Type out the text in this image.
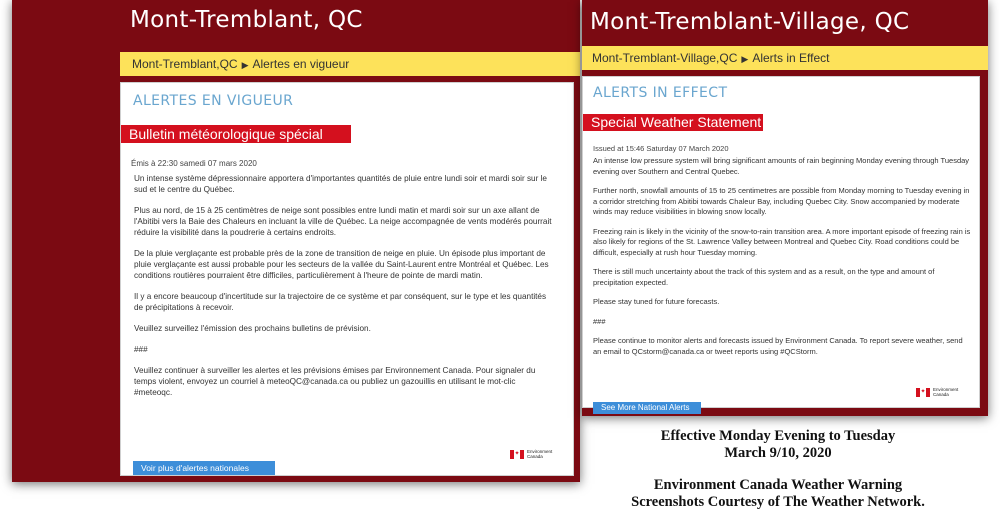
Mont-Tremblant, QC
Mont-Tremblant,QC ▶ Alertes en vigueur
ALERTES EN VIGUEUR
Bulletin météorologique spécial
Émis à 22:30 samedi 07 mars 2020

Un intense système dépressionnaire apportera d'importantes quantités de pluie entre lundi soir et mardi soir sur le sud et le centre du Québec.

Plus au nord, de 15 à 25 centimètres de neige sont possibles entre lundi matin et mardi soir sur un axe allant de l'Abitibi vers la Baie des Chaleurs en incluant la ville de Québec. La neige accompagnée de vents modérés pourrait réduire la visibilité dans la poudrerie à certains endroits.

De la pluie verglaçante est probable près de la zone de transition de neige en pluie. Un épisode plus important de pluie verglaçante est aussi probable pour les secteurs de la vallée du Saint-Laurent entre Montréal et Québec. Les conditions routières pourraient être difficiles, particulièrement à l'heure de pointe de mardi matin.

Il y a encore beaucoup d'incertitude sur la trajectoire de ce système et par conséquent, sur le type et les quantités de précipitations à recevoir.

Veuillez surveillez l'émission des prochains bulletins de prévision.

###

Veuillez continuer à surveiller les alertes et les prévisions émises par Environnement Canada. Pour signaler du temps violent, envoyez un courriel à meteoQC@canada.ca ou publiez un gazouillis en utilisant le mot-clic #meteoqc.

✦ Environment
Canada
Voir plus d'alertes nationales
Mont-Tremblant-Village, QC
Mont-Tremblant-Village,QC ▶ Alerts in Effect
ALERTS IN EFFECT
Special Weather Statement
Issued at 15:46 Saturday 07 March 2020

An intense low pressure system will bring significant amounts of rain beginning Monday evening through Tuesday evening over Southern and Central Quebec.

Further north, snowfall amounts of 15 to 25 centimetres are possible from Monday morning to Tuesday evening in a corridor stretching from Abitibi towards Chaleur Bay, including Quebec City. Snow accompanied by moderate winds may reduce visibilities in blowing snow locally.

Freezing rain is likely in the vicinity of the snow-to-rain transition area. A more important episode of freezing rain is also likely for regions of the St. Lawrence Valley between Montreal and Quebec City. Road conditions could be difficult, especially at rush hour Tuesday morning.

There is still much uncertainty about the track of this system and as a result, on the type and amount of precipitation expected.

Please stay tuned for future forecasts.

###

Please continue to monitor alerts and forecasts issued by Environment Canada. To report severe weather, send an email to QCstorm@canada.ca or tweet reports using #QCStorm.

✦ Environment
Canada
See More National Alerts
Effective Monday Evening to Tuesday
March 9/10, 2020
Environment Canada Weather Warning
Screenshots Courtesy of The Weather Network.
